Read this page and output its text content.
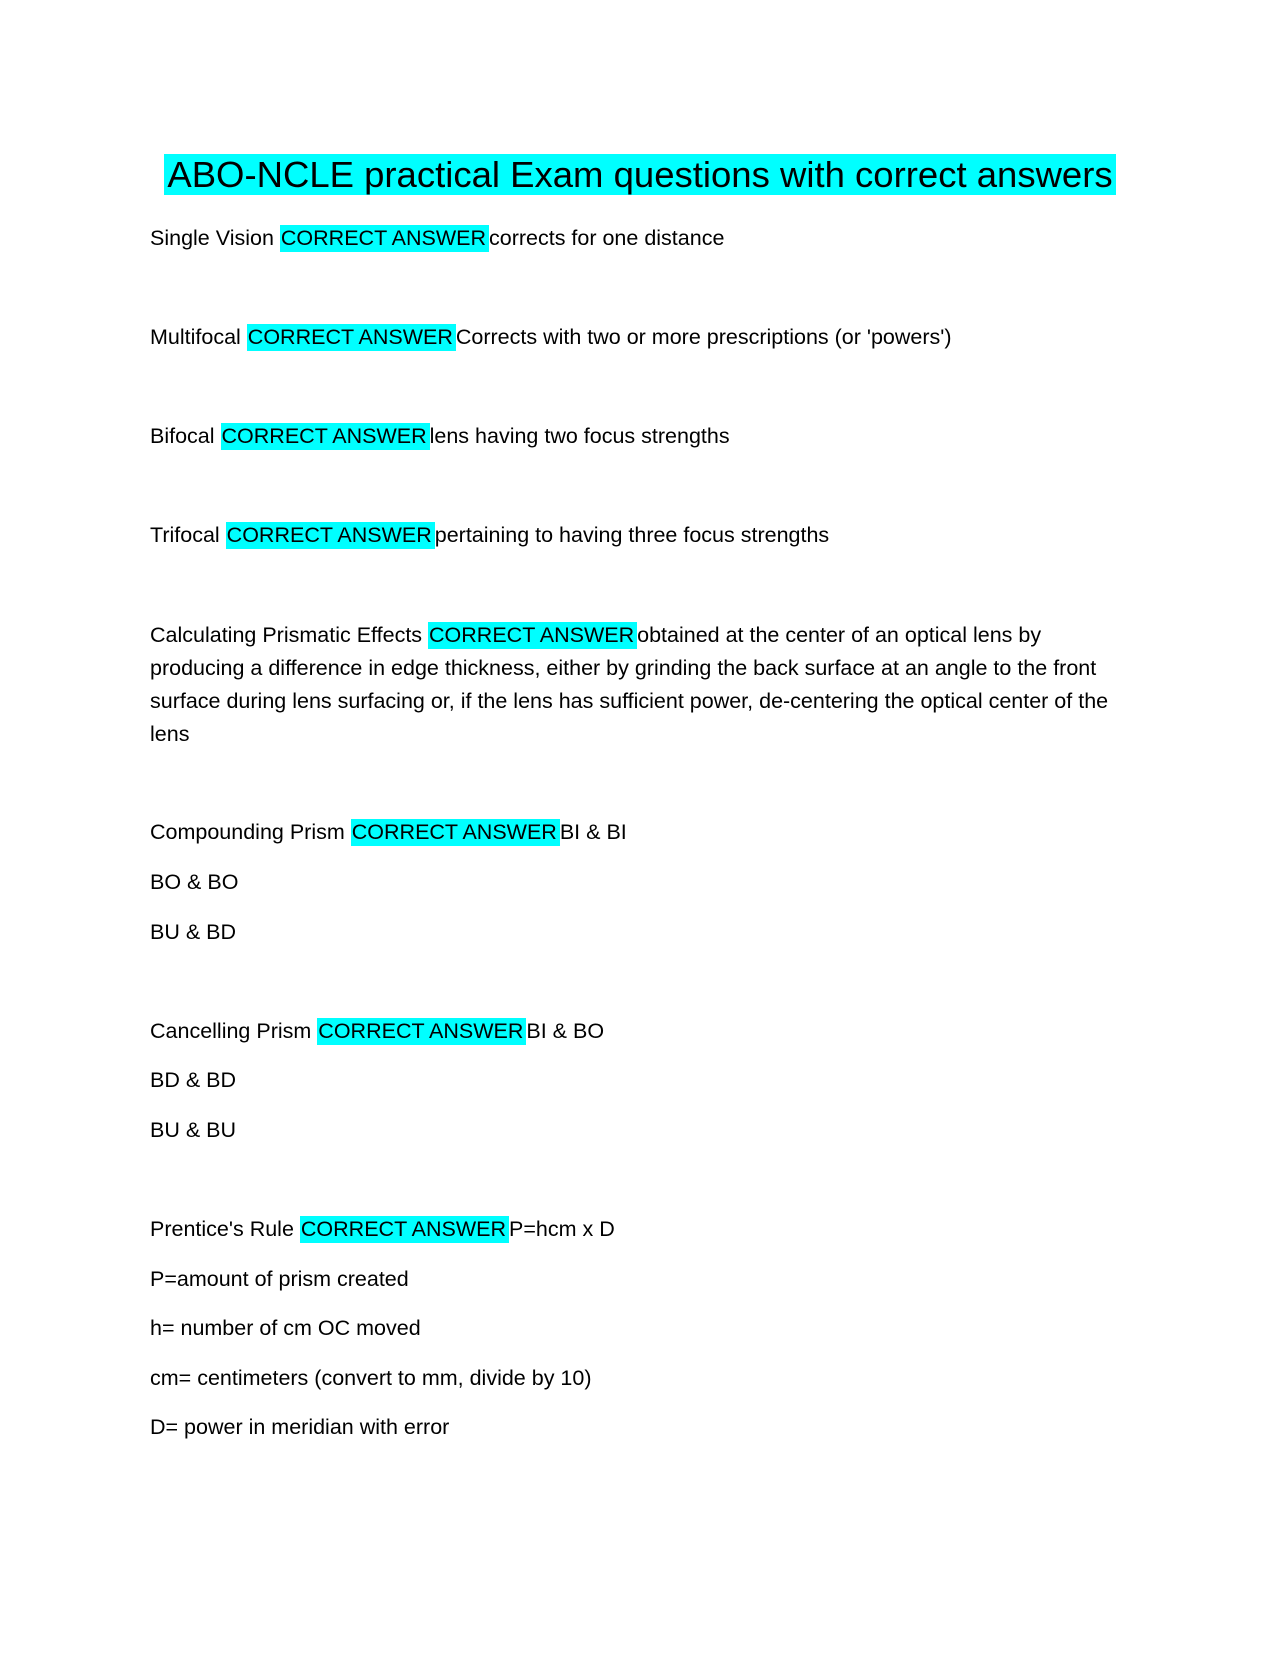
ABO-NCLE practical Exam questions with correct answers
Single Vision CORRECT ANSWER corrects for one distance
Multifocal CORRECT ANSWER Corrects with two or more prescriptions (or 'powers')
Bifocal CORRECT ANSWER lens having two focus strengths
Trifocal CORRECT ANSWER pertaining to having three focus strengths
Calculating Prismatic Effects CORRECT ANSWER obtained at the center of an optical lens by producing a difference in edge thickness, either by grinding the back surface at an angle to the front surface during lens surfacing or, if the lens has sufficient power, de-centering the optical center of the lens
Compounding Prism CORRECT ANSWER BI & BI
BO & BO
BU & BD
Cancelling Prism CORRECT ANSWER BI & BO
BD & BD
BU & BU
Prentice's Rule CORRECT ANSWER P=hcm x D
P=amount of prism created
h= number of cm OC moved
cm= centimeters (convert to mm, divide by 10)
D= power in meridian with error
